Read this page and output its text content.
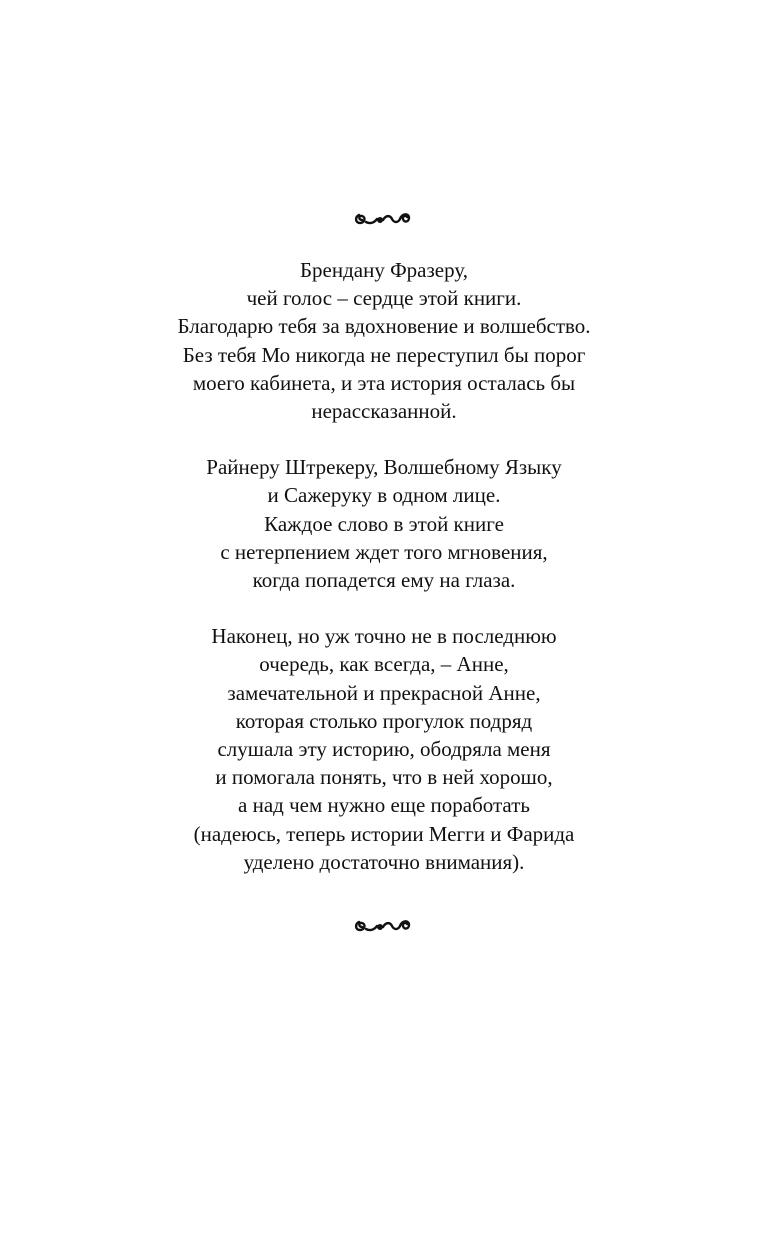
Брендану Фразеру,
чей голос – сердце этой книги.
Благодарю тебя за вдохновение и волшебство.
Без тебя Мо никогда не переступил бы порог
моего кабинета, и эта история осталась бы
нерассказанной.

Райнеру Штрекеру, Волшебному Языку
и Сажеруку в одном лице.
Каждое слово в этой книге
с нетерпением ждет того мгновения,
когда попадется ему на глаза.

Наконец, но уж точно не в последнюю
очередь, как всегда, – Анне,
замечательной и прекрасной Анне,
которая столько прогулок подряд
слушала эту историю, ободряла меня
и помогала понять, что в ней хорошо,
а над чем нужно еще поработать
(надеюсь, теперь истории Мегги и Фарида
уделено достаточно внимания).
